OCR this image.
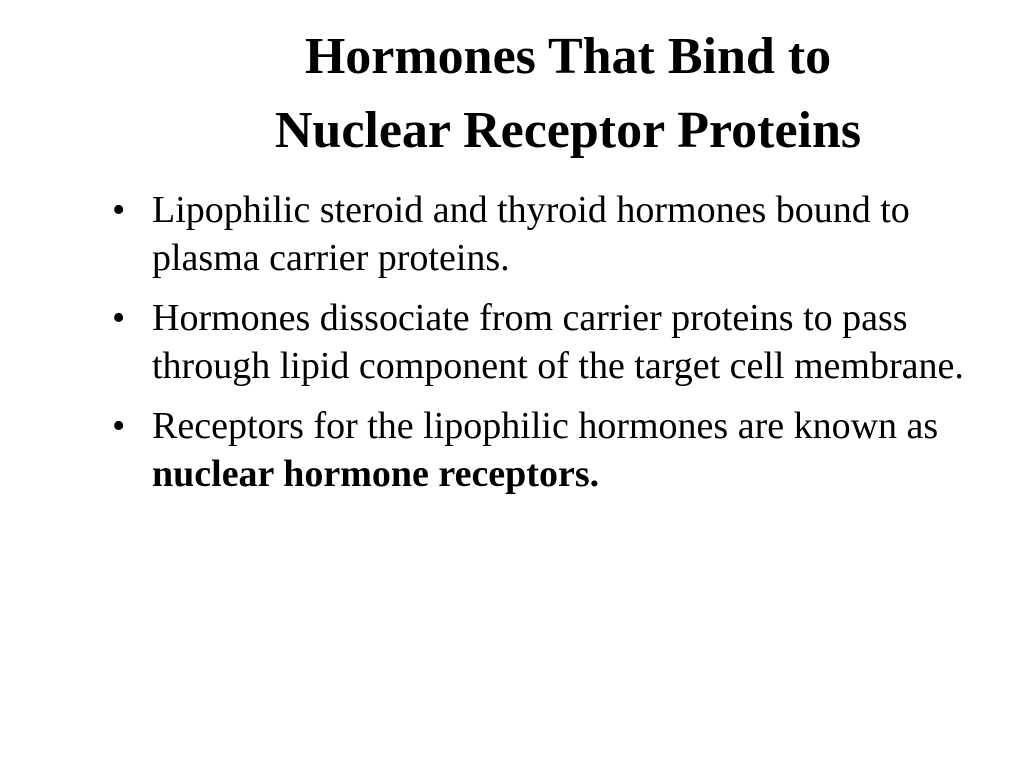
Hormones That Bind to
Nuclear Receptor Proteins
• Lipophilic steroid and thyroid hormones bound to plasma carrier proteins.
• Hormones dissociate from carrier proteins to pass through lipid component of the target cell membrane.
• Receptors for the lipophilic hormones are known as nuclear hormone receptors.
